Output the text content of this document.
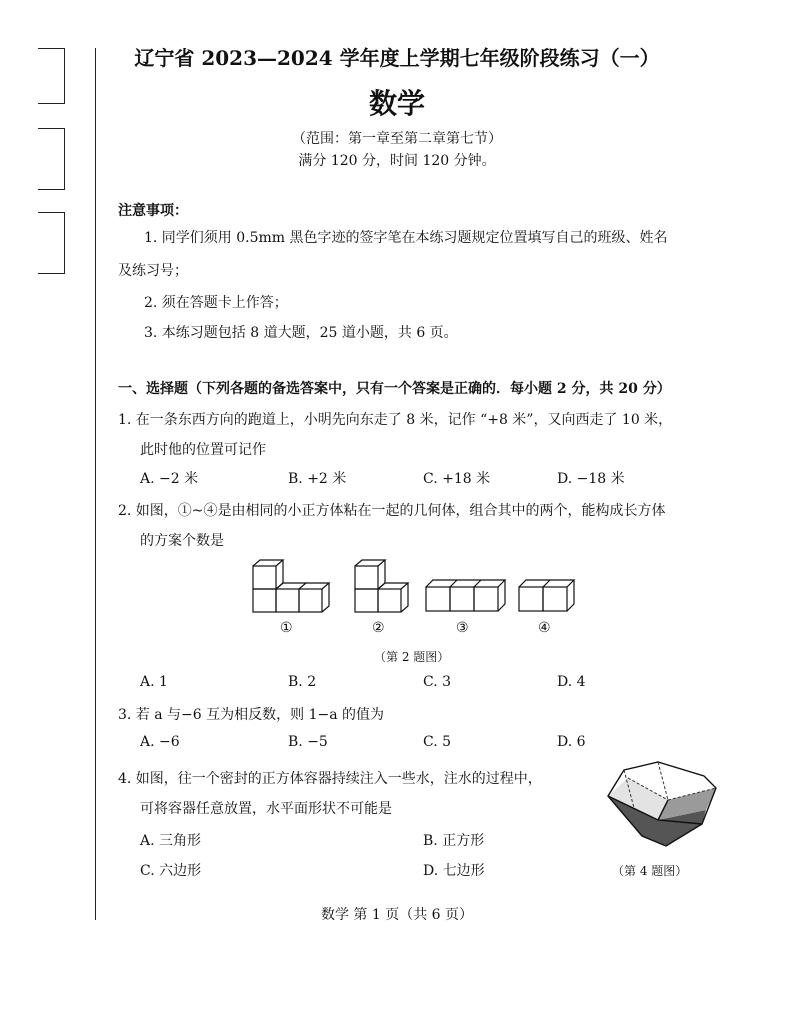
辽宁省 2023—2024 学年度上学期七年级阶段练习（一）
数学
（范围：第一章至第二章第七节）
满分 120 分，时间 120 分钟。
注意事项：
1. 同学们须用 0.5mm 黑色字迹的签字笔在本练习题规定位置填写自己的班级、姓名
及练习号；
2. 须在答题卡上作答；
3. 本练习题包括 8 道大题，25 道小题，共 6 页。
一、选择题（下列各题的备选答案中，只有一个答案是正确的．每小题 2 分，共 20 分）
1. 在一条东西方向的跑道上，小明先向东走了 8 米，记作 “+8 米”，又向西走了 10 米，
此时他的位置可记作
A. −2 米	B. +2 米	C. +18 米	D. −18 米
2. 如图，①~④是由相同的小正方体粘在一起的几何体，组合其中的两个，能构成长方体
的方案个数是
①	②	③	④
（第 2 题图）
A. 1	B. 2	C. 3	D. 4
3. 若 a 与−6 互为相反数，则 1−a 的值为
A. −6	B. −5	C. 5	D. 6
4. 如图，往一个密封的正方体容器持续注入一些水，注水的过程中，
可将容器任意放置，水平面形状不可能是
A. 三角形	B. 正方形
C. 六边形	D. 七边形	（第 4 题图）
数学 第 1 页（共 6 页）
